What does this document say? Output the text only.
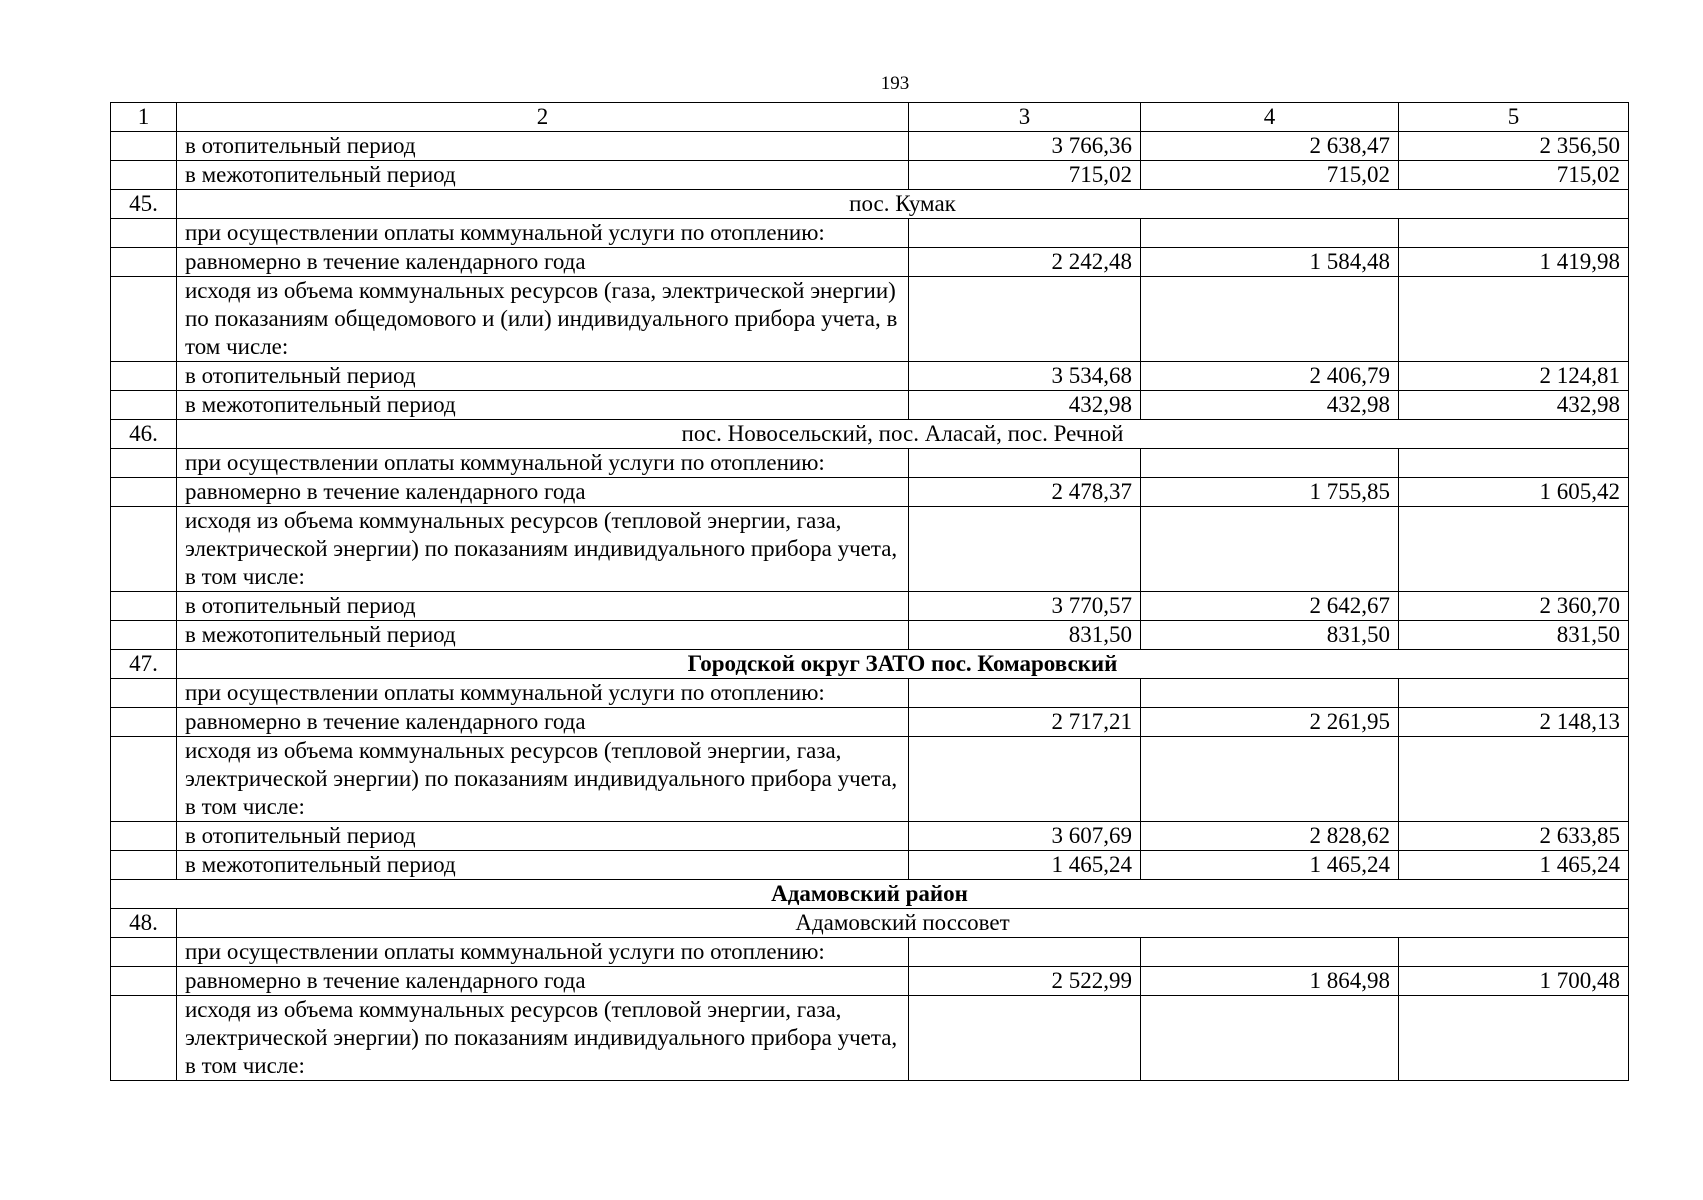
193
1	2	3	4	5
	в отопительный период	3 766,36	2 638,47	2 356,50
	в межотопительный период	715,02	715,02	715,02
45.	пос. Кумак			
	при осуществлении оплаты коммунальной услуги по отоплению:			
	равномерно в течение календарного года	2 242,48	1 584,48	1 419,98
	исходя из объема коммунальных ресурсов (газа, электрической энергии) по показаниям общедомового и (или) индивидуального прибора учета, в том числе:			
	в отопительный период	3 534,68	2 406,79	2 124,81
	в межотопительный период	432,98	432,98	432,98
46.	пос. Новосельский, пос. Аласай, пос. Речной			
	при осуществлении оплаты коммунальной услуги по отоплению:			
	равномерно в течение календарного года	2 478,37	1 755,85	1 605,42
	исходя из объема коммунальных ресурсов (тепловой энергии, газа, электрической энергии) по показаниям индивидуального прибора учета, в том числе:			
	в отопительный период	3 770,57	2 642,67	2 360,70
	в межотопительный период	831,50	831,50	831,50
47.	Городской округ ЗАТО пос. Комаровский			
	при осуществлении оплаты коммунальной услуги по отоплению:			
	равномерно в течение календарного года	2 717,21	2 261,95	2 148,13
	исходя из объема коммунальных ресурсов (тепловой энергии, газа, электрической энергии) по показаниям индивидуального прибора учета, в том числе:			
	в отопительный период	3 607,69	2 828,62	2 633,85
	в межотопительный период	1 465,24	1 465,24	1 465,24
Адамовский район				
48.	Адамовский поссовет			
	при осуществлении оплаты коммунальной услуги по отоплению:			
	равномерно в течение календарного года	2 522,99	1 864,98	1 700,48
	исходя из объема коммунальных ресурсов (тепловой энергии, газа, электрической энергии) по показаниям индивидуального прибора учета, в том числе:			
